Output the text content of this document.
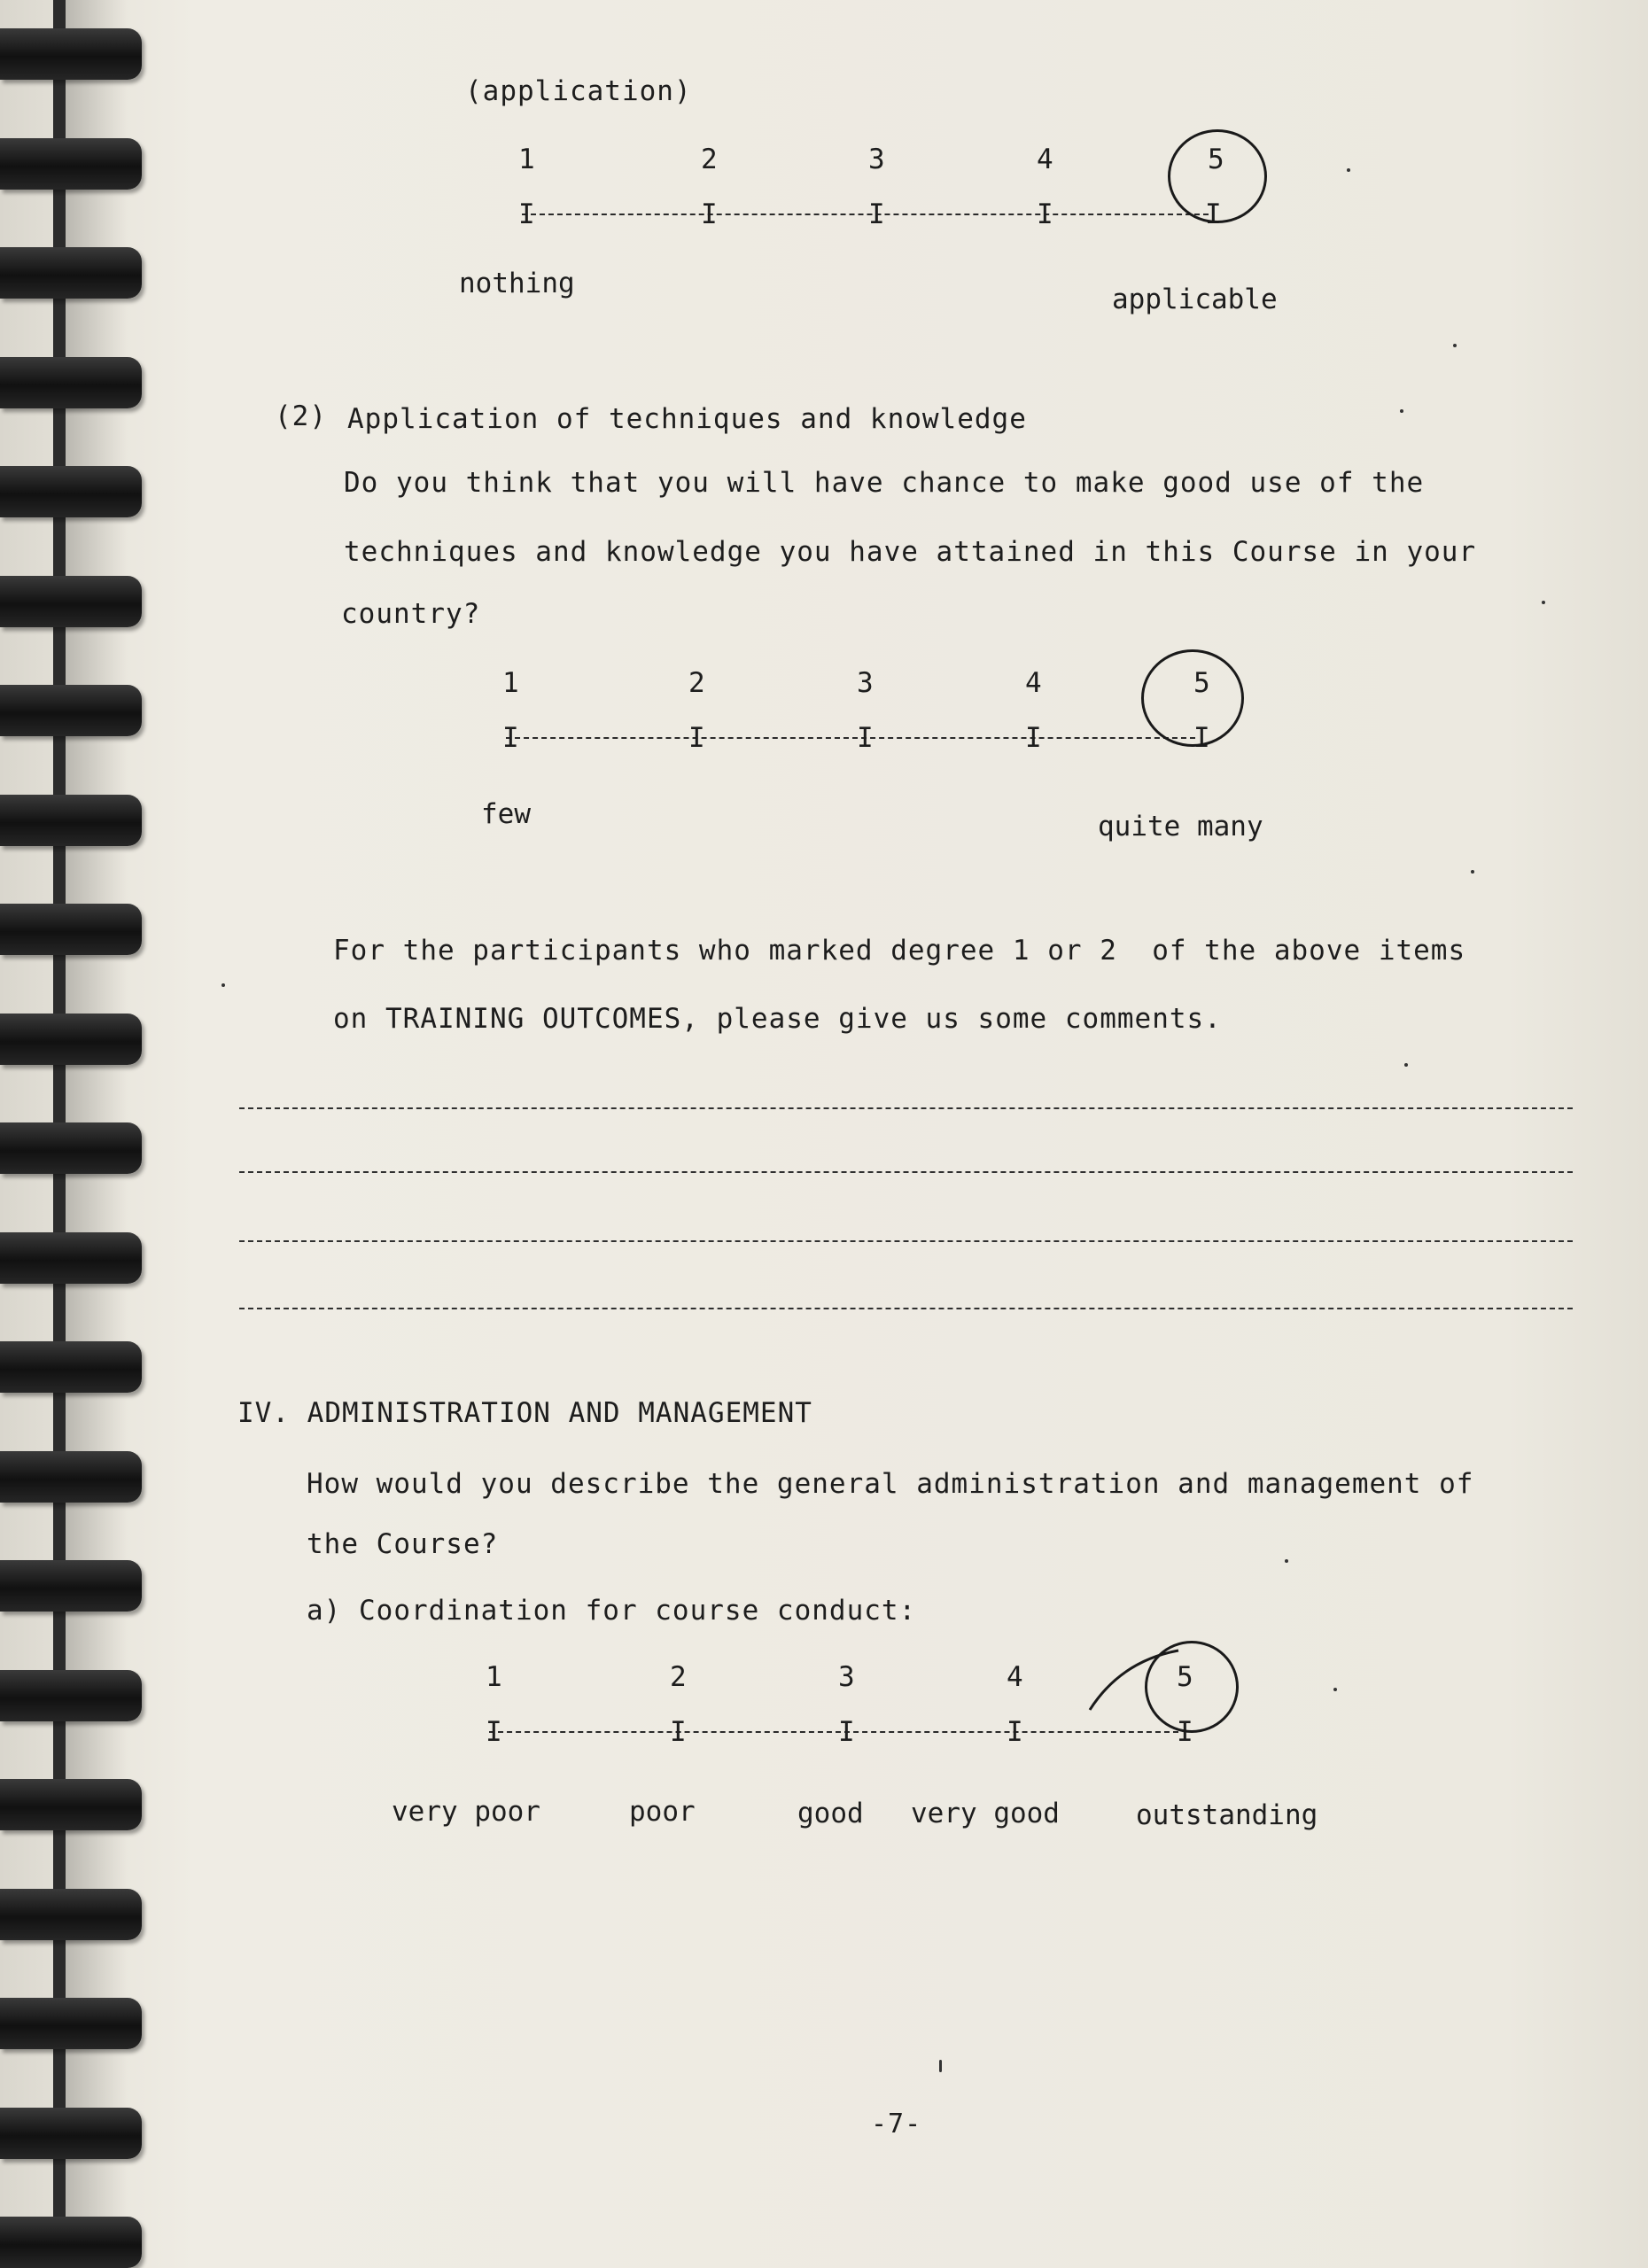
(application)
1	2	3	4	5
I	I	I	I	I
nothing	applicable
(2) Application of techniques and knowledge
Do you think that you will have chance to make good use of the
techniques and knowledge you have attained in this Course in your
country?
1	2	3	4	5
I	I	I	I	I
few	quite many
For the participants who marked degree 1 or 2  of the above items
on TRAINING OUTCOMES, please give us some comments.
IV. ADMINISTRATION AND MANAGEMENT
How would you describe the general administration and management of
the Course?
a) Coordination for course conduct:
1	2	3	4	5
I	I	I	I	I
very poor	poor	good very good	outstanding
-7-
